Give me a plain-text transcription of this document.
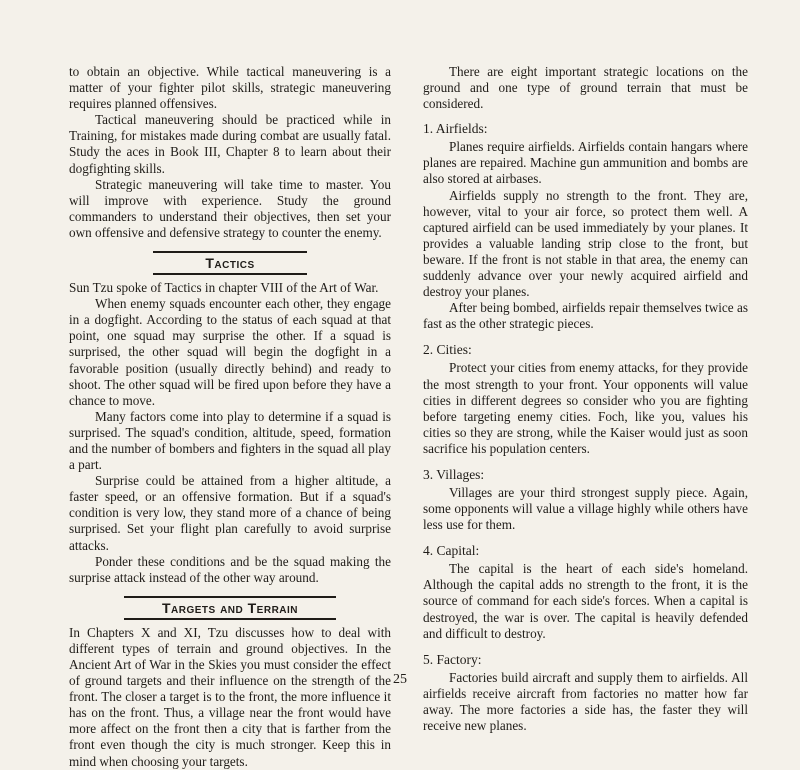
to obtain an objective. While tactical maneuvering is a matter of your fighter pilot skills, strategic maneuvering requires planned offensives.

Tactical maneuvering should be practiced while in Training, for mistakes made during combat are usually fatal. Study the aces in Book III, Chapter 8 to learn about their dogfighting skills.

Strategic maneuvering will take time to master. You will improve with experience. Study the ground commanders to understand their objectives, then set your own offensive and defensive strategy to counter the enemy.

Tactics

Sun Tzu spoke of Tactics in chapter VIII of the Art of War.

When enemy squads encounter each other, they engage in a dogfight. According to the status of each squad at that point, one squad may surprise the other. If a squad is surprised, the other squad will begin the dogfight in a favorable position (usually directly behind) and ready to shoot. The other squad will be fired upon before they have a chance to move.

Many factors come into play to determine if a squad is surprised. The squad's condition, altitude, speed, formation and the number of bombers and fighters in the squad all play a part.

Surprise could be attained from a higher altitude, a faster speed, or an offensive formation. But if a squad's condition is very low, they stand more of a chance of being surprised. Set your flight plan carefully to avoid surprise attacks.

Ponder these conditions and be the squad making the surprise attack instead of the other way around.

Targets and Terrain

In Chapters X and XI, Tzu discusses how to deal with different types of terrain and ground objectives. In the Ancient Art of War in the Skies you must consider the effect of ground targets and their influence on the strength of the front. The closer a target is to the front, the more influence it has on the front. Thus, a village near the front would have more affect on the front then a city that is farther from the front even though the city is much stronger. Keep this in mind when choosing your targets.

There are eight important strategic locations on the ground and one type of ground terrain that must be considered.

1. Airfields:

Planes require airfields. Airfields contain hangars where planes are repaired. Machine gun ammunition and bombs are also stored at airbases.

Airfields supply no strength to the front. They are, however, vital to your air force, so protect them well. A captured airfield can be used immediately by your planes. It provides a valuable landing strip close to the front, but beware. If the front is not stable in that area, the enemy can suddenly advance over your newly acquired airfield and destroy your planes.

After being bombed, airfields repair themselves twice as fast as the other strategic pieces.

2. Cities:

Protect your cities from enemy attacks, for they provide the most strength to your front. Your opponents will value cities in different degrees so consider who you are fighting before targeting enemy cities. Foch, like you, values his cities so they are strong, while the Kaiser would just as soon sacrifice his population centers.

3. Villages:

Villages are your third strongest supply piece. Again, some opponents will value a village highly while others have less use for them.

4. Capital:

The capital is the heart of each side's homeland. Although the capital adds no strength to the front, it is the source of command for each side's forces. When a capital is destroyed, the war is over. The capital is heavily defended and difficult to destroy.

5. Factory:

Factories build aircraft and supply them to airfields. All airfields receive aircraft from factories no matter how far away. The more factories a side has, the faster they will receive new planes.

25
